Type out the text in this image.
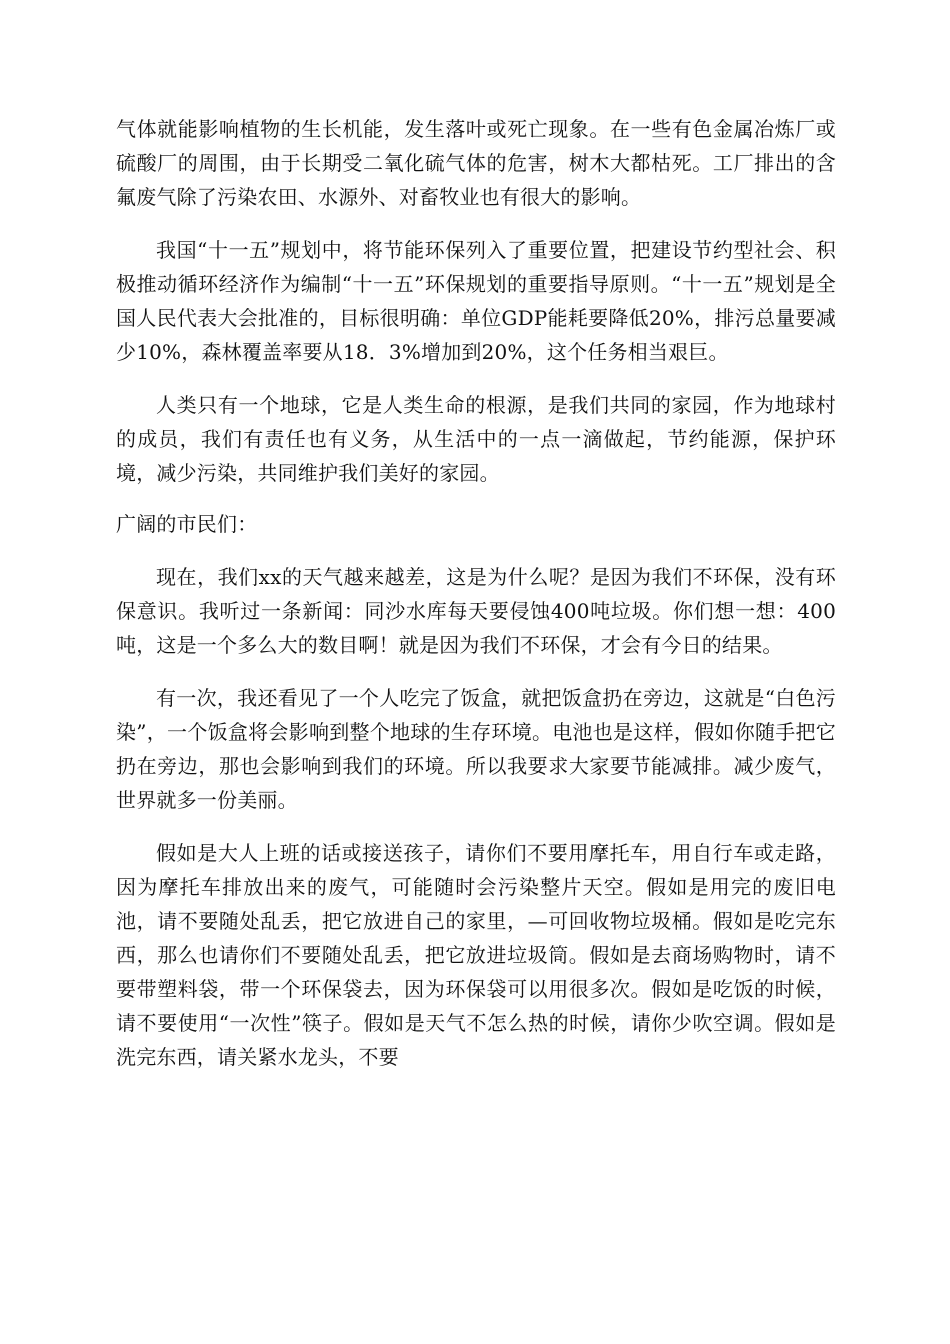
气体就能影响植物的生长机能，发生落叶或死亡现象。在一些有色金属冶炼厂或硫酸厂的周围，由于长期受二氧化硫气体的危害，树木大都枯死。工厂排出的含氟废气除了污染农田、水源外、对畜牧业也有很大的影响。

我国“十一五”规划中，将节能环保列入了重要位置，把建设节约型社会、积极推动循环经济作为编制“十一五”环保规划的重要指导原则。“十一五”规划是全国人民代表大会批准的，目标很明确：单位GDP能耗要降低20%，排污总量要减少10%，森林覆盖率要从18．3%增加到20%，这个任务相当艰巨。

人类只有一个地球，它是人类生命的根源，是我们共同的家园，作为地球村的成员，我们有责任也有义务，从生活中的一点一滴做起，节约能源，保护环境，减少污染，共同维护我们美好的家园。

广阔的市民们：

现在，我们xx的天气越来越差，这是为什么呢？是因为我们不环保，没有环保意识。我听过一条新闻：同沙水库每天要侵蚀400吨垃圾。你们想一想：400吨，这是一个多么大的数目啊！就是因为我们不环保，才会有今日的结果。

有一次，我还看见了一个人吃完了饭盒，就把饭盒扔在旁边，这就是“白色污染”，一个饭盒将会影响到整个地球的生存环境。电池也是这样，假如你随手把它扔在旁边，那也会影响到我们的环境。所以我要求大家要节能减排。减少废气，世界就多一份美丽。

假如是大人上班的话或接送孩子，请你们不要用摩托车，用自行车或走路，因为摩托车排放出来的废气，可能随时会污染整片天空。假如是用完的废旧电池，请不要随处乱丢，把它放进自己的家里，—可回收物垃圾桶。假如是吃完东西，那么也请你们不要随处乱丢，把它放进垃圾筒。假如是去商场购物时，请不要带塑料袋，带一个环保袋去，因为环保袋可以用很多次。假如是吃饭的时候，请不要使用“一次性”筷子。假如是天气不怎么热的时候，请你少吹空调。假如是洗完东西，请关紧水龙头，不要
